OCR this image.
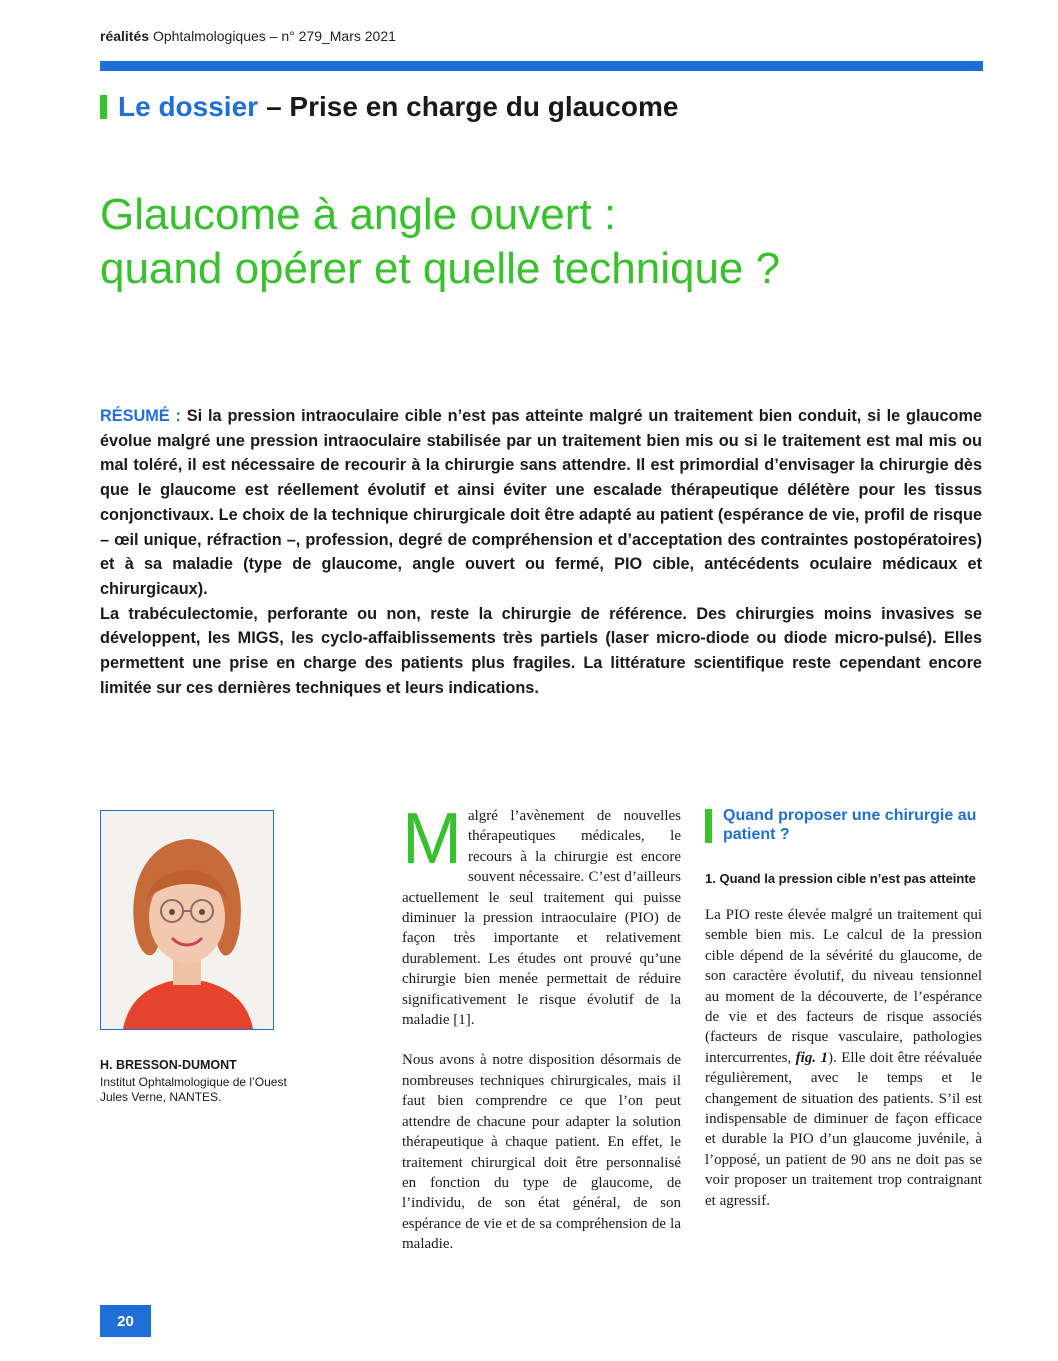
réalités Ophtalmologiques – n° 279_Mars 2021
Le dossier – Prise en charge du glaucome
Glaucome à angle ouvert :
quand opérer et quelle technique ?

RÉSUMÉ : Si la pression intraoculaire cible n’est pas atteinte malgré un traitement bien conduit, si le glaucome évolue malgré une pression intraoculaire stabilisée par un traitement bien mis ou si le traitement est mal mis ou mal toléré, il est nécessaire de recourir à la chirurgie sans attendre. Il est primordial d’envisager la chirurgie dès que le glaucome est réellement évolutif et ainsi éviter une escalade thérapeutique délétère pour les tissus conjonctivaux. Le choix de la technique chirurgicale doit être adapté au patient (espérance de vie, profil de risque – œil unique, réfraction –, profession, degré de compréhension et d’acceptation des contraintes postopératoires) et à sa maladie (type de glaucome, angle ouvert ou fermé, PIO cible, antécédents oculaire médicaux et chirurgicaux).

La trabéculectomie, perforante ou non, reste la chirurgie de référence. Des chirurgies moins invasives se développent, les MIGS, les cyclo-affaiblissements très partiels (laser micro-diode ou diode micro-pulsé). Elles permettent une prise en charge des patients plus fragiles. La littérature scientifique reste cependant encore limitée sur ces dernières techniques et leurs indications.

H. BRESSON-DUMONT
Institut Ophtalmologique de l’Ouest
Jules Verne, NANTES.

Malgré l’avènement de nouvelles thérapeutiques médicales, le recours à la chirurgie est encore souvent nécessaire. C’est d’ailleurs actuellement le seul traitement qui puisse diminuer la pression intraoculaire (PIO) de façon très importante et relativement durablement. Les études ont prouvé qu’une chirurgie bien menée permettait de réduire significativement le risque évolutif de la maladie [1].

Nous avons à notre disposition désormais de nombreuses techniques chirurgicales, mais il faut bien comprendre ce que l’on peut attendre de chacune pour adapter la solution thérapeutique à chaque patient. En effet, le traitement chirurgical doit être personnalisé en fonction du type de glaucome, de l’individu, de son état général, de son espérance de vie et de sa compréhension de la maladie.

Quand proposer une chirurgie au patient ?
1. Quand la pression cible n’est pas atteinte

La PIO reste élevée malgré un traitement qui semble bien mis. Le calcul de la pression cible dépend de la sévérité du glaucome, de son caractère évolutif, du niveau tensionnel au moment de la découverte, de l’espérance de vie et des facteurs de risque associés (facteurs de risque vasculaire, pathologies intercurrentes, fig. 1). Elle doit être réévaluée régulièrement, avec le temps et le changement de situation des patients. S’il est indispensable de diminuer de façon efficace et durable la PIO d’un glaucome juvénile, à l’opposé, un patient de 90 ans ne doit pas se voir proposer un traitement trop contraignant et agressif.

20
